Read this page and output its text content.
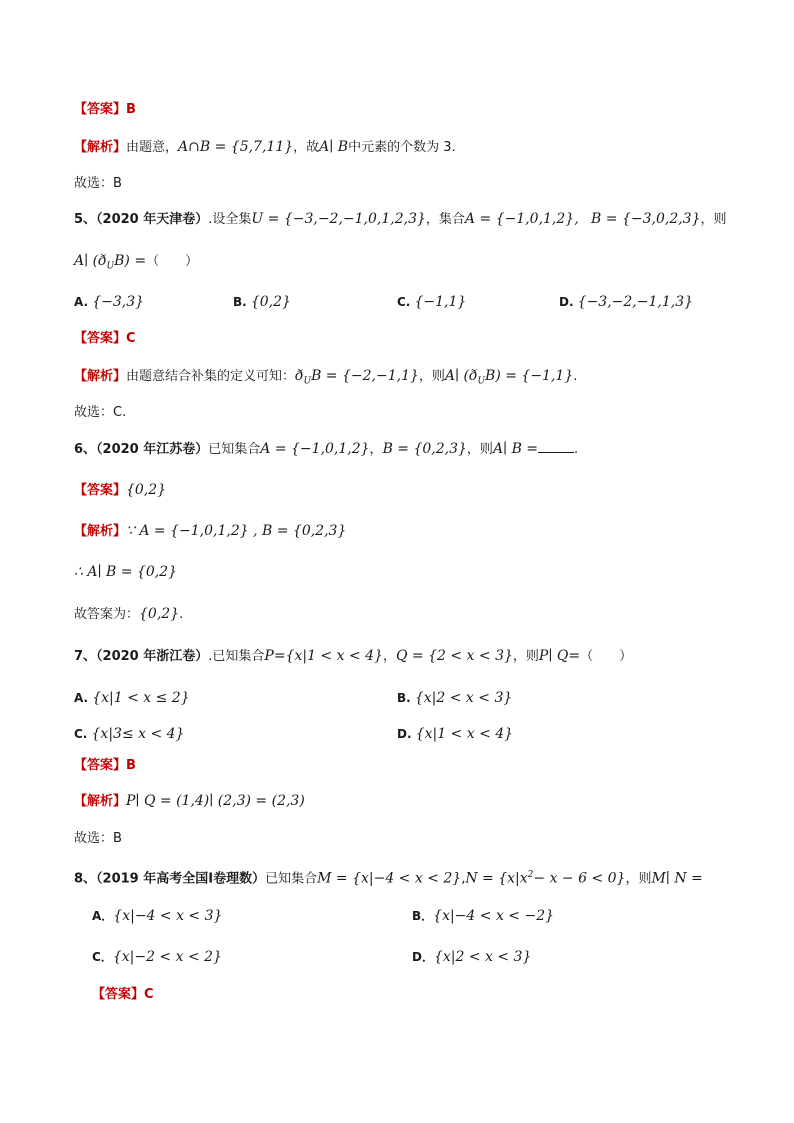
【答案】B
【解析】由题意，A∩B = {5,7,11}，故A∣ B中元素的个数为 3.
故选：B
5、（2020 年天津卷）.设全集U = {−3,−2,−1,0,1,2,3}，集合A = {−1,0,1,2}, B = {−3,0,2,3}，则
A∣ $(ð_UB)$ =（　　）
A. {−3,3}	B. {0,2}	C. {−1,1}	D. {−3,−2,−1,1,3}
【答案】C
【解析】由题意结合补集的定义可知：$ð_UB = \{-2,-1,1\}$，则A∣ $(ð_UB) = \{-1,1\}$.
故选：C.
6、（2020 年江苏卷）已知集合A = {−1,0,1,2}，B = {0,2,3}，则A∣ B =	.
【答案】{0,2}
【解析】∵ A = {−1,0,1,2} , B = {0,2,3}
∴ A∣ B = {0,2}
故答案为：{0,2}.
7、（2020 年浙江卷）.已知集合P={x|1 < x < 4}，Q = {2 < x < 3}，则P∣ Q=（　　）
A. {x|1 < x ≤ 2}	B. {x|2 < x < 3}
C. {x|3≤ x < 4}	D. {x|1 < x < 4}
【答案】B
【解析】P∣ Q = (1,4)∣ (2,3) = (2,3)
故选：B
8、（2019 年高考全国Ⅰ卷理数）已知集合$M = \{x|-4 < x < 2\},N = \{x|x^2- x - 6 < 0\}$，则M∣ N =
A．{x|−4 < x < 3}	B．{x|−4 < x < −2}
C．{x|−2 < x < 2}	D．{x|2 < x < 3}
【答案】C
